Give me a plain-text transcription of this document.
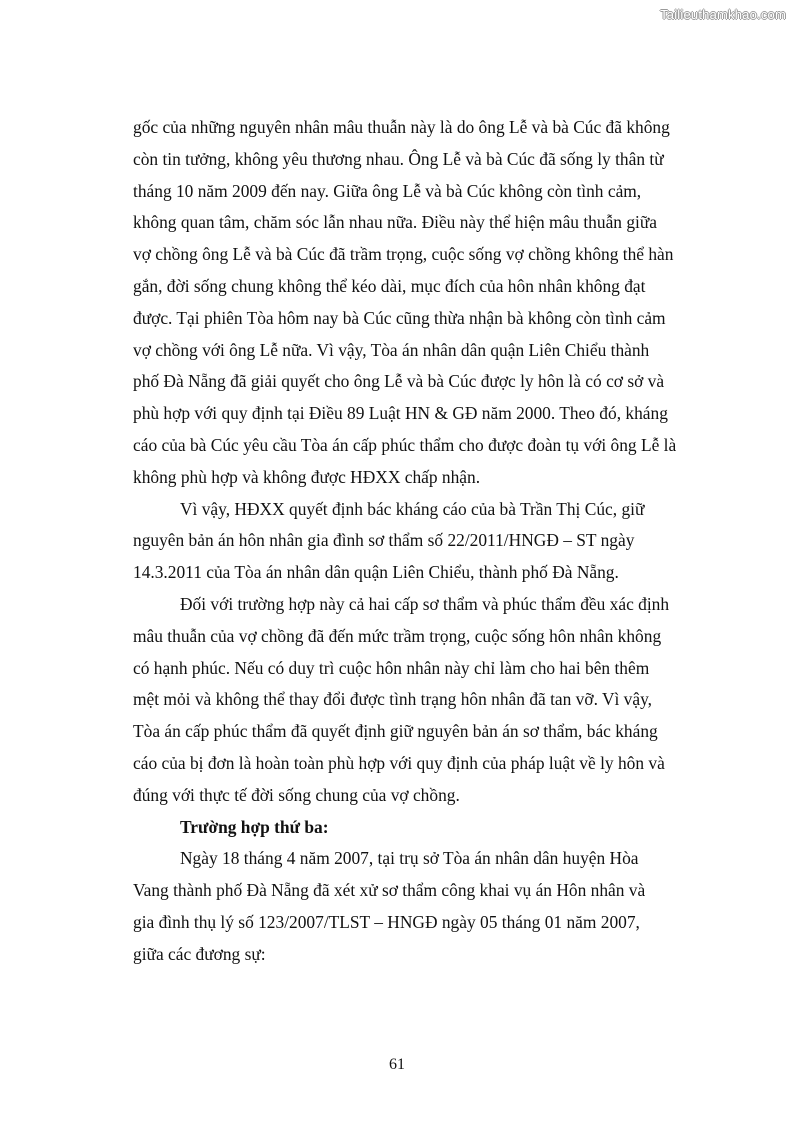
Tailieuthamkhao.com

gốc của những nguyên nhân mâu thuẫn này là do ông Lễ và bà Cúc đã không
còn tin tưởng, không yêu thương nhau. Ông Lễ và bà Cúc đã sống ly thân từ
tháng 10 năm 2009 đến nay. Giữa ông Lễ và bà Cúc không còn tình cảm,
không quan tâm, chăm sóc lẫn nhau nữa. Điều này thể hiện mâu thuẫn giữa
vợ chồng ông Lễ và bà Cúc đã trầm trọng, cuộc sống vợ chồng không thể hàn
gắn, đời sống chung không thể kéo dài, mục đích của hôn nhân không đạt
được. Tại phiên Tòa hôm nay bà Cúc cũng thừa nhận bà không còn tình cảm
vợ chồng với ông Lễ nữa. Vì vậy, Tòa án nhân dân quận Liên Chiểu thành
phố Đà Nẵng đã giải quyết cho ông Lễ và bà Cúc được ly hôn là có cơ sở và
phù hợp với quy định tại Điều 89 Luật HN & GĐ năm 2000. Theo đó, kháng
cáo của bà Cúc yêu cầu Tòa án cấp phúc thẩm cho được đoàn tụ với ông Lễ là
không phù hợp và không được HĐXX chấp nhận.

Vì vậy, HĐXX quyết định bác kháng cáo của bà Trần Thị Cúc, giữ
nguyên bản án hôn nhân gia đình sơ thẩm số 22/2011/HNGĐ – ST ngày
14.3.2011 của Tòa án nhân dân quận Liên Chiểu, thành phố Đà Nẵng.

Đối với trường hợp này cả hai cấp sơ thẩm và phúc thẩm đều xác định
mâu thuẫn của vợ chồng đã đến mức trầm trọng, cuộc sống hôn nhân không
có hạnh phúc. Nếu có duy trì cuộc hôn nhân này chỉ làm cho hai bên thêm
mệt mỏi và không thể thay đổi được tình trạng hôn nhân đã tan vỡ. Vì vậy,
Tòa án cấp phúc thẩm đã quyết định giữ nguyên bản án sơ thẩm, bác kháng
cáo của bị đơn là hoàn toàn phù hợp với quy định của pháp luật về ly hôn và
đúng với thực tế đời sống chung của vợ chồng.

Trường hợp thứ ba:

Ngày 18 tháng 4 năm 2007, tại trụ sở Tòa án nhân dân huyện Hòa
Vang thành phố Đà Nẵng đã xét xử sơ thẩm công khai vụ án Hôn nhân và
gia đình thụ lý số 123/2007/TLST – HNGĐ ngày 05 tháng 01 năm 2007,
giữa các đương sự:

61
